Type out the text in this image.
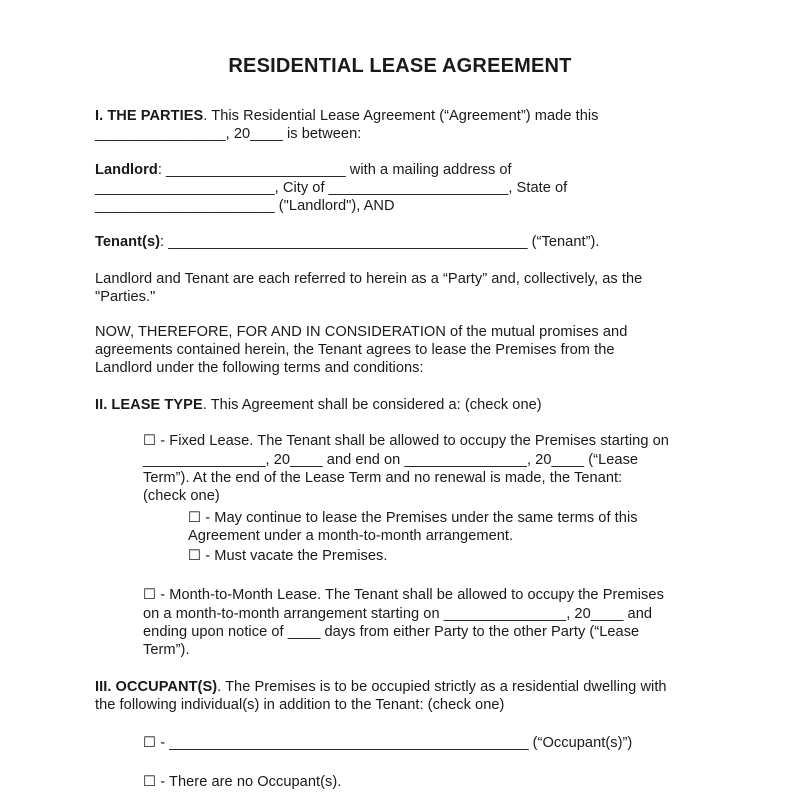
RESIDENTIAL LEASE AGREEMENT
I. THE PARTIES. This Residential Lease Agreement (“Agreement”) made this
________________, 20____ is between:
Landlord: ______________________ with a mailing address of
______________________, City of ______________________, State of
______________________ ("Landlord"), AND
Tenant(s): ____________________________________________ (“Tenant”).
Landlord and Tenant are each referred to herein as a “Party” and, collectively, as the
"Parties."
NOW, THEREFORE, FOR AND IN CONSIDERATION of the mutual promises and
agreements contained herein, the Tenant agrees to lease the Premises from the
Landlord under the following terms and conditions:
II. LEASE TYPE. This Agreement shall be considered a: (check one)
☐ - Fixed Lease. The Tenant shall be allowed to occupy the Premises starting on
_______________, 20____ and end on _______________, 20____ (“Lease
Term”). At the end of the Lease Term and no renewal is made, the Tenant:
(check one)
☐ - May continue to lease the Premises under the same terms of this
Agreement under a month-to-month arrangement.
☐ - Must vacate the Premises.
☐ - Month-to-Month Lease. The Tenant shall be allowed to occupy the Premises
on a month-to-month arrangement starting on _______________, 20____ and
ending upon notice of ____ days from either Party to the other Party (“Lease
Term”).
III. OCCUPANT(S). The Premises is to be occupied strictly as a residential dwelling with
the following individual(s) in addition to the Tenant: (check one)
☐ - ____________________________________________ (“Occupant(s)”)
☐ - There are no Occupant(s).
